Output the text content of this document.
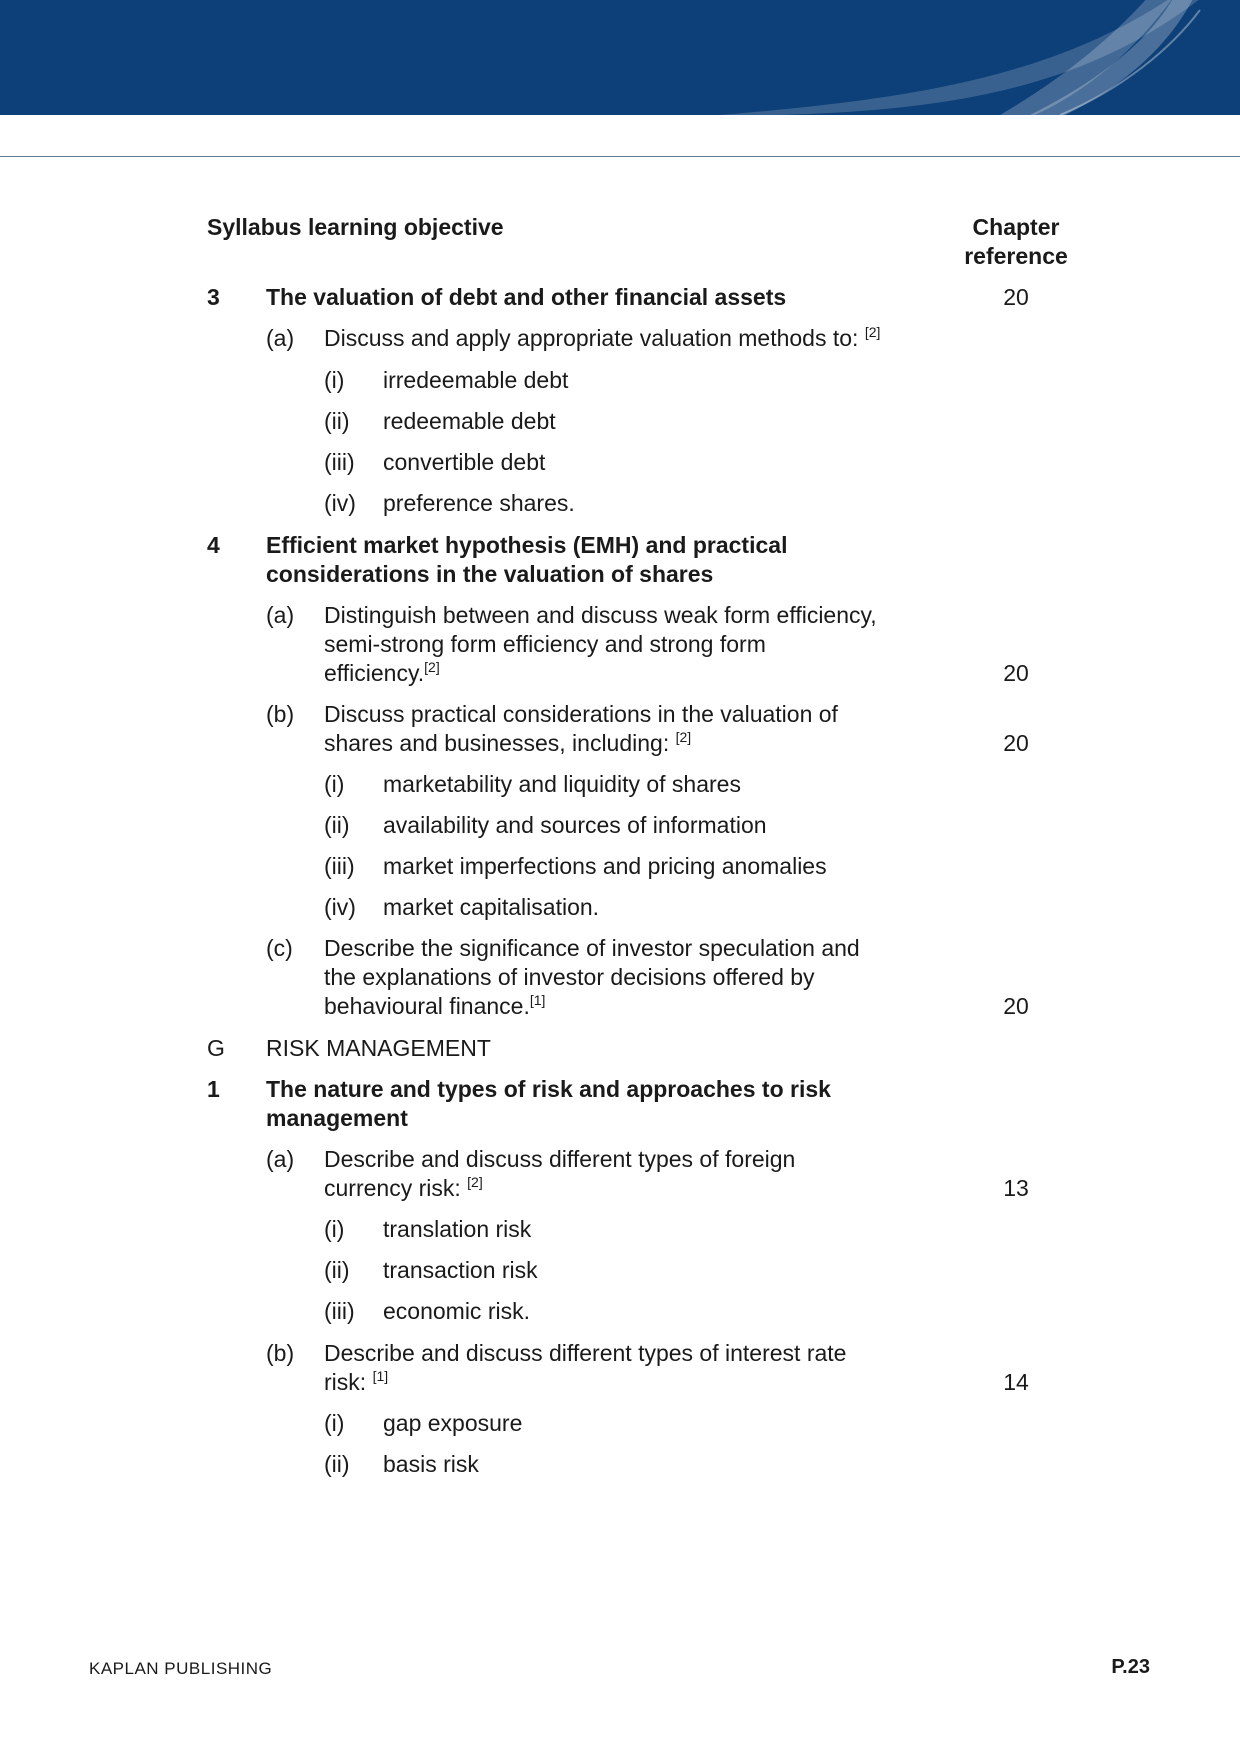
Syllabus learning objective	Chapter reference
3 The valuation of debt and other financial assets	20
(a) Discuss and apply appropriate valuation methods to: [2]
(i) irredeemable debt
(ii) redeemable debt
(iii) convertible debt
(iv) preference shares.
4 Efficient market hypothesis (EMH) and practical
considerations in the valuation of shares
(a) Distinguish between and discuss weak form efficiency,
semi-strong form efficiency and strong form
efficiency.[2]	20
(b) Discuss practical considerations in the valuation of
shares and businesses, including: [2]	20
(i) marketability and liquidity of shares
(ii) availability and sources of information
(iii) market imperfections and pricing anomalies
(iv) market capitalisation.
(c) Describe the significance of investor speculation and
the explanations of investor decisions offered by
behavioural finance.[1]	20
G RISK MANAGEMENT
1 The nature and types of risk and approaches to risk
management
(a) Describe and discuss different types of foreign
currency risk: [2]	13
(i) translation risk
(ii) transaction risk
(iii) economic risk.
(b) Describe and discuss different types of interest rate
risk: [1]	14
(i) gap exposure
(ii) basis risk
KAPLAN PUBLISHING	P.23
